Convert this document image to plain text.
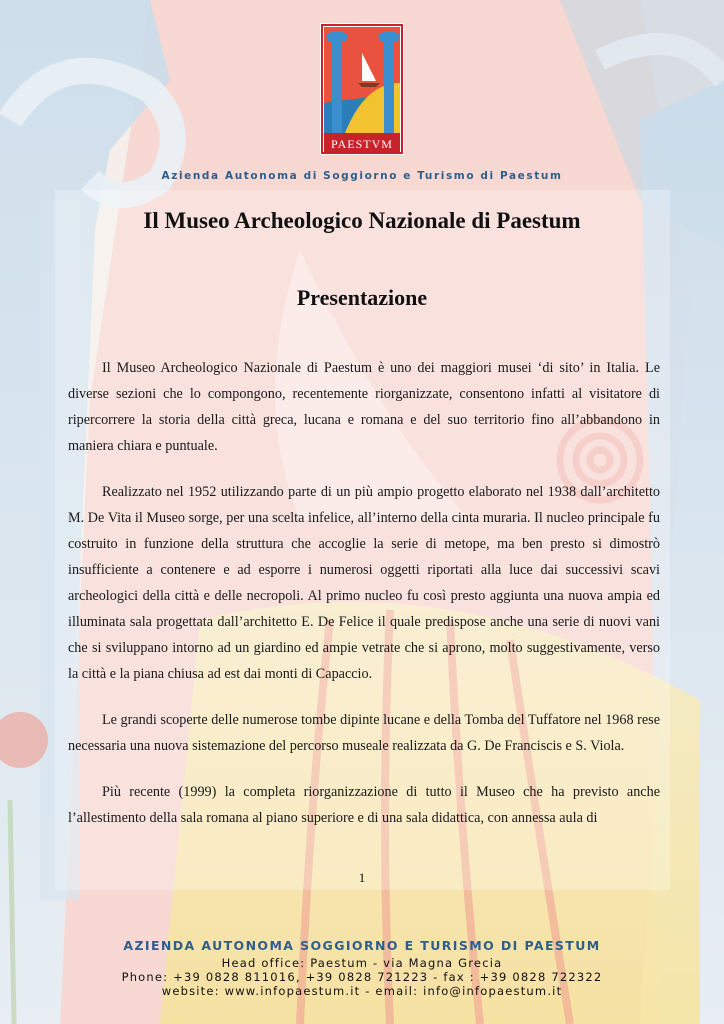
PAESTVM
Azienda Autonoma di Soggiorno e Turismo di Paestum
Il Museo Archeologico Nazionale di Paestum
Presentazione

Il Museo Archeologico Nazionale di Paestum è uno dei maggiori musei ‘di sito’ in Italia. Le diverse sezioni che lo compongono, recentemente riorganizzate, consentono infatti al visitatore di ripercorrere la storia della città greca, lucana e romana e del suo territorio fino all’abbandono in maniera chiara e puntuale.

Realizzato nel 1952 utilizzando parte di un più ampio progetto elaborato nel 1938 dall’architetto M. De Vita il Museo sorge, per una scelta infelice, all’interno della cinta muraria. Il nucleo principale fu costruito in funzione della struttura che accoglie la serie di metope, ma ben presto si dimostrò insufficiente a contenere e ad esporre i numerosi oggetti riportati alla luce dai successivi scavi archeologici della città e delle necropoli. Al primo nucleo fu così presto aggiunta una nuova ampia ed illuminata sala progettata dall’architetto E. De Felice il quale predispose anche una serie di nuovi vani che si sviluppano intorno ad un giardino ed ampie vetrate che si aprono, molto suggestivamente, verso la città e la piana chiusa ad est dai monti di Capaccio.

Le grandi scoperte delle numerose tombe dipinte lucane e della Tomba del Tuffatore nel 1968 rese necessaria una nuova sistemazione del percorso museale realizzata da G. De Franciscis e S. Viola.

Più recente (1999) la completa riorganizzazione di tutto il Museo che ha previsto anche l’allestimento della sala romana al piano superiore e di una sala didattica, con annessa aula di

1
AZIENDA AUTONOMA SOGGIORNO E TURISMO DI PAESTUM
Head office: Paestum - via Magna Grecia
Phone: +39 0828 811016, +39 0828 721223 - fax : +39 0828 722322
website: www.infopaestum.it - email: info@infopaestum.it
